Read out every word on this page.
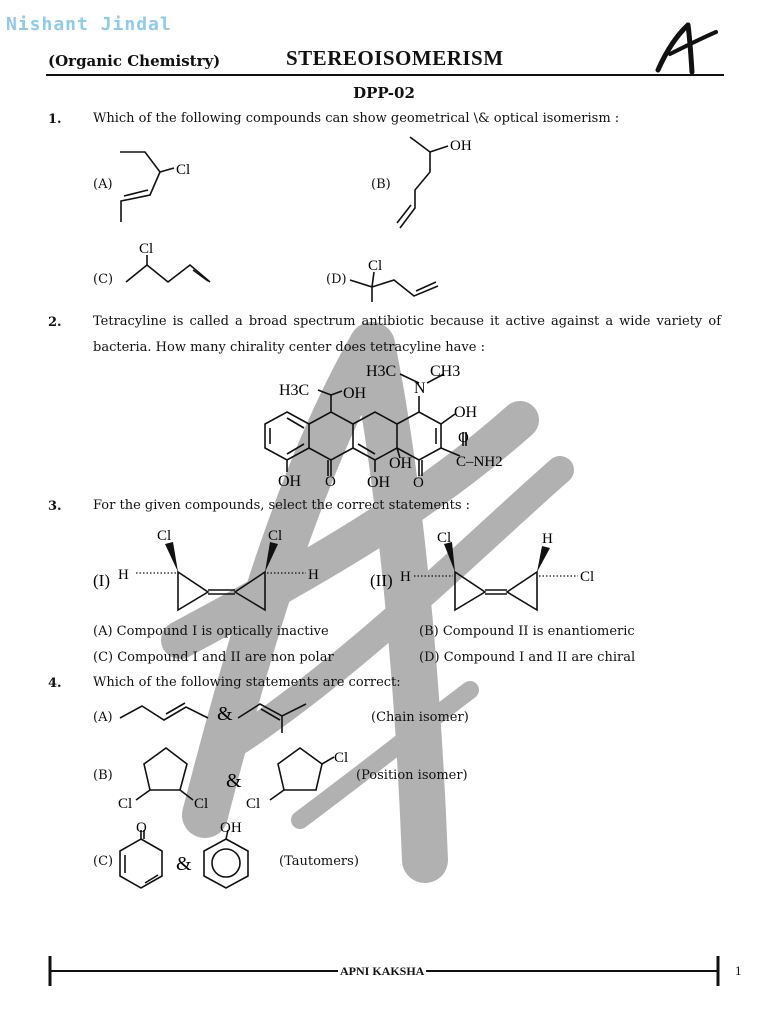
Nishant Jindal
(Organic Chemistry)	STEREOISOMERISM
DPP-02
1. Which of the following compounds can show geometrical \& optical isomerism :
(A)	(B)
(C)	(D)
Cl
OH
Cl
Cl
2. Tetracyline is called a broad spectrum antibiotic because it active against a wide variety of bacteria. How many chirality center does tetracyline have :
H3C OH
H3C CH3
N
OH
O
C–NH2
OH O OH
OH
O
3. For the given compounds, select the correct statements :
(I)	(II)
Cl	Cl
H	H
Cl	H
H	Cl
(A) Compound I is optically inactive	(B) Compound II is enantiomeric
(C) Compound I and II are non polar	(D) Compound I and II are chiral
4. Which of the following statements are correct:
(A)	(Chain isomer)
(B)	(Position isomer)
(C)	(Tautomers)
&
&
&
Cl	Cl
Cl
Cl
O	OH
APNI KAKSHA	1
